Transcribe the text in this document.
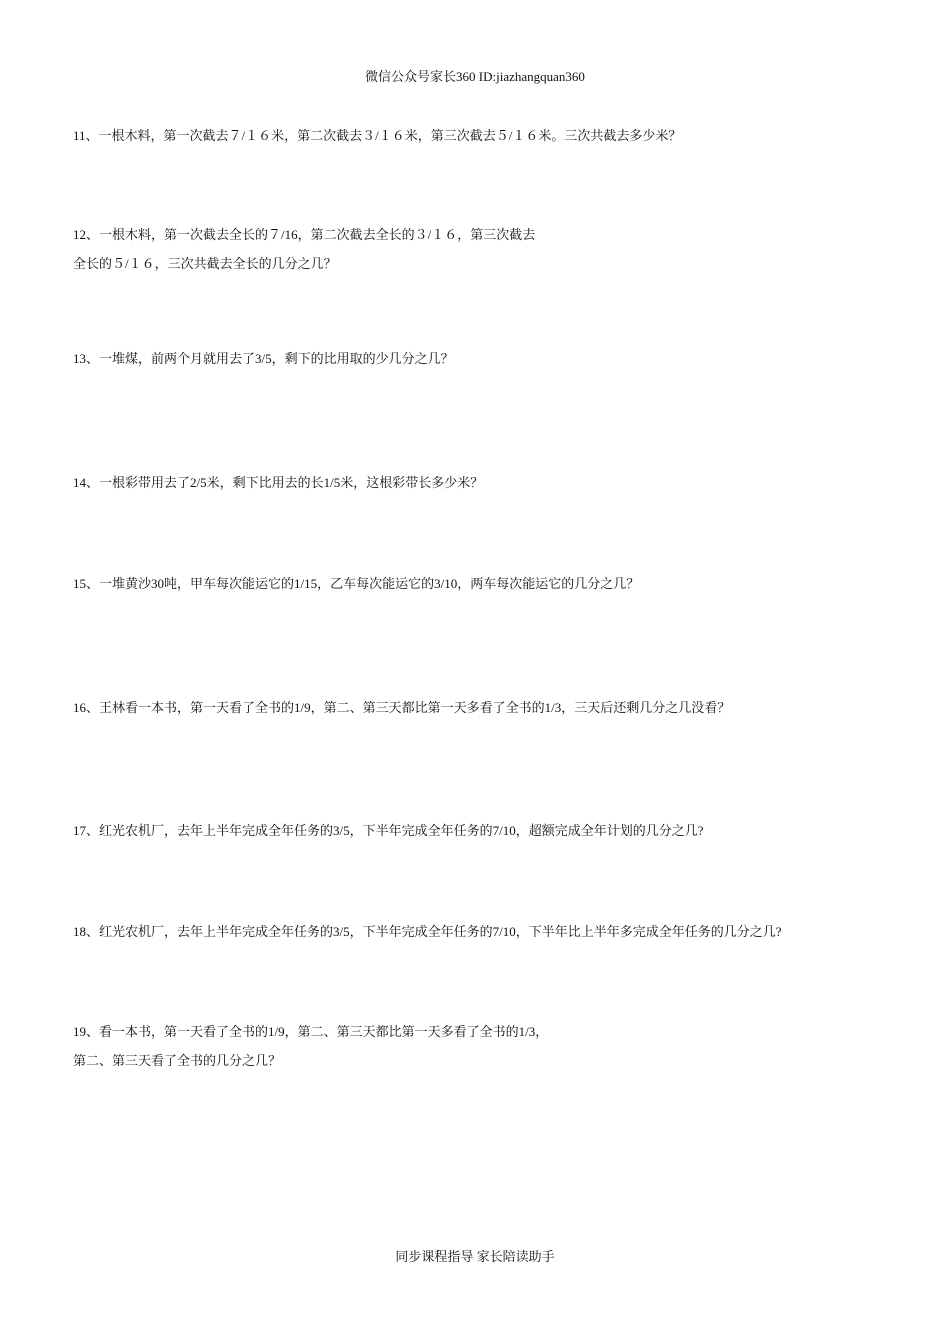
微信公众号家长360 ID:jiazhangquan360
11、一根木料，第一次截去７/１６米，第二次截去３/１６米，第三次截去５/１６米。三次共截去多少米？
12、一根木料，第一次截去全长的７/16，第二次截去全长的３/１６，第三次截去
全长的５/１６，三次共截去全长的几分之几？
13、一堆煤，前两个月就用去了3/5，剩下的比用取的少几分之几？
14、一根彩带用去了2/5米，剩下比用去的长1/5米，这根彩带长多少米？
15、一堆黄沙30吨，甲车每次能运它的1/15，乙车每次能运它的3/10，两车每次能运它的几分之几？
16、王林看一本书，第一天看了全书的1/9，第二、第三天都比第一天多看了全书的1/3，三天后还剩几分之几没看？
17、红光农机厂，去年上半年完成全年任务的3/5，下半年完成全年任务的7/10，超额完成全年计划的几分之几?
18、红光农机厂，去年上半年完成全年任务的3/5，下半年完成全年任务的7/10，下半年比上半年多完成全年任务的几分之几?
19、看一本书，第一天看了全书的1/9，第二、第三天都比第一天多看了全书的1/3，
第二、第三天看了全书的几分之几？
同步课程指导 家长陪读助手
